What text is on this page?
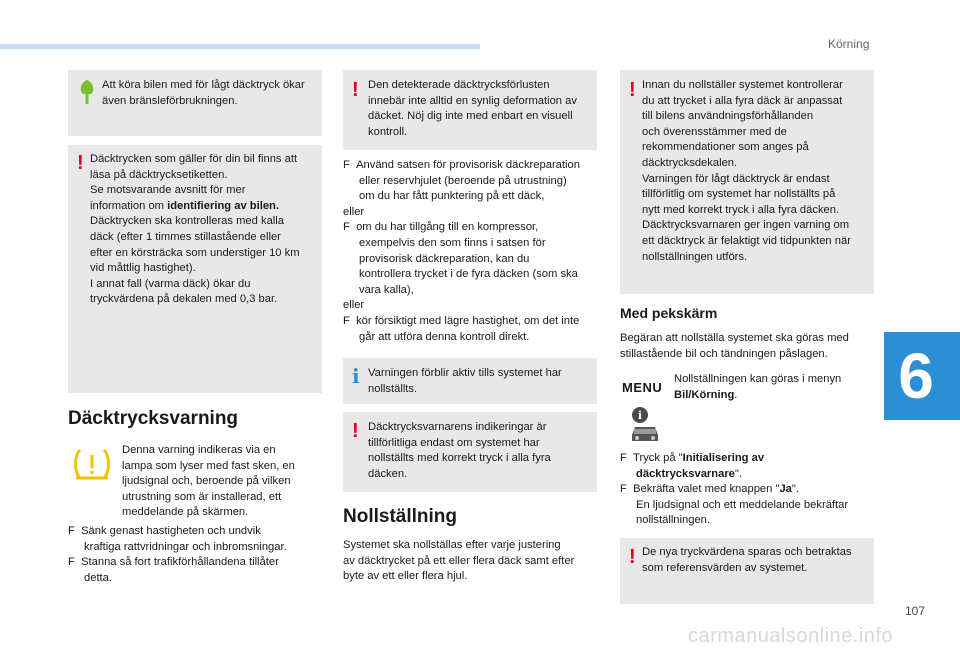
Körning
6
107
carmanualsonline.info
Att köra bilen med för lågt däcktryck ökar
även bränsleförbrukningen.
! Däcktrycken som gäller för din bil finns att
läsa på däcktrycksetiketten.
Se motsvarande avsnitt för mer
information om identifiering av bilen.
Däcktrycken ska kontrolleras med kalla
däck (efter 1 timmes stillastående eller
efter en körsträcka som understiger 10 km
vid måttlig hastighet).
I annat fall (varma däck) ökar du
tryckvärdena på dekalen med 0,3 bar.
Däcktrycksvarning
Denna varning indikeras via en
lampa som lyser med fast sken, en
ljudsignal och, beroende på vilken
utrustning som är installerad, ett
meddelande på skärmen.
F Sänk genast hastigheten och undvik
kraftiga rattvridningar och inbromsningar.
F Stanna så fort trafikförhållandena tillåter
detta.
! Den detekterade däcktrycksförlusten
innebär inte alltid en synlig deformation av
däcket. Nöj dig inte med enbart en visuell
kontroll.
F Använd satsen för provisorisk däckreparation
eller reservhjulet (beroende på utrustning)
om du har fått punktering på ett däck,
eller
F om du har tillgång till en kompressor,
exempelvis den som finns i satsen för
provisorisk däckreparation, kan du
kontrollera trycket i de fyra däcken (som ska
vara kalla),
eller
F kör försiktigt med lägre hastighet, om det inte
går att utföra denna kontroll direkt.
i Varningen förblir aktiv tills systemet har
nollställts.
! Däcktrycksvarnarens indikeringar är
tillförlitliga endast om systemet har
nollställts med korrekt tryck i alla fyra
däcken.
Nollställning
Systemet ska nollställas efter varje justering
av däcktrycket på ett eller flera däck samt efter
byte av ett eller flera hjul.
! Innan du nollställer systemet kontrollerar
du att trycket i alla fyra däck är anpassat
till bilens användningsförhållanden
och överensstämmer med de
rekommendationer som anges på
däcktrycksdekalen.
Varningen för lågt däcktryck är endast
tillförlitlig om systemet har nollställts på
nytt med korrekt tryck i alla fyra däcken.
Däcktrycksvarnaren ger ingen varning om
ett däcktryck är felaktigt vid tidpunkten när
nollställningen utförs.
Med pekskärm
Begäran att nollställa systemet ska göras med
stillastående bil och tändningen påslagen.
MENU
Nollställningen kan göras i menyn
Bil/Körning.
i
F Tryck på "Initialisering av
däcktrycksvarnare".
F Bekräfta valet med knappen "Ja".
En ljudsignal och ett meddelande bekräftar
nollställningen.
! De nya tryckvärdena sparas och betraktas
som referensvärden av systemet.
